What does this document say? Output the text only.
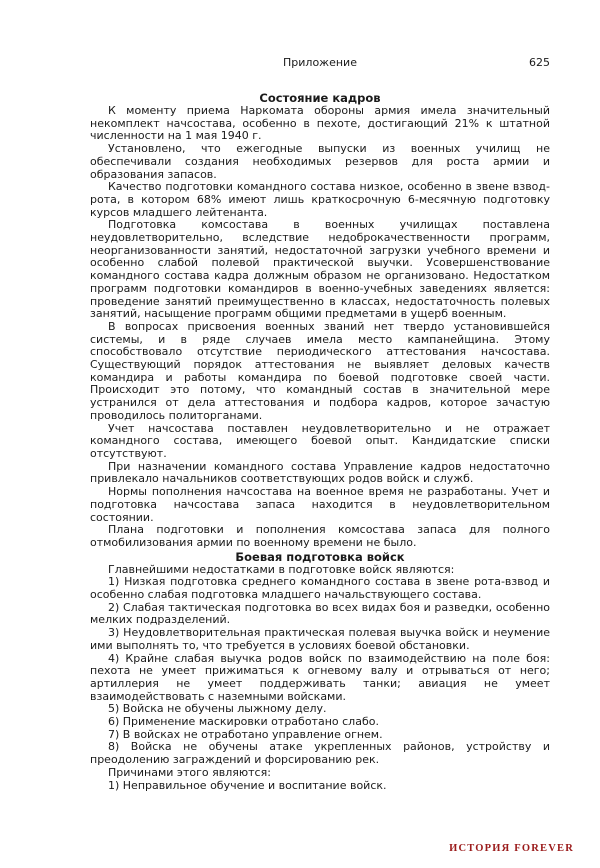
Приложение	625
Состояние кадров

К моменту приема Наркомата обороны армия имела значительный некомплект начсостава, особенно в пехоте, достигающий 21% к штатной численности на 1 мая 1940 г.

Установлено, что ежегодные выпуски из военных училищ не обеспечивали создания необходимых резервов для роста армии и образования запасов.

Качество подготовки командного состава низкое, особенно в звене взвод-рота, в котором 68% имеют лишь краткосрочную 6-месячную подготовку курсов младшего лейтенанта.

Подготовка комсостава в военных училищах поставлена неудовлетворительно, вследствие недоброкачественности программ, неорганизованности занятий, недостаточной загрузки учебного времени и особенно слабой полевой практической выучки. Усовершенствование командного состава кадра должным образом не организовано. Недостатком программ подготовки командиров в военно-учебных заведениях является: проведение занятий преимущественно в классах, недостаточность полевых занятий, насыщение программ общими предметами в ущерб военным.

В вопросах присвоения военных званий нет твердо установившейся системы, и в ряде случаев имела место кампанейщина. Этому способствовало отсутствие периодического аттестования начсостава. Существующий порядок аттестования не выявляет деловых качеств командира и работы командира по боевой подготовке своей части. Происходит это потому, что командный состав в значительной мере устранился от дела аттестования и подбора кадров, которое зачастую проводилось политорганами.

Учет начсостава поставлен неудовлетворительно и не отражает командного состава, имеющего боевой опыт. Кандидатские списки отсутствуют.

При назначении командного состава Управление кадров недостаточно привлекало начальников соответствующих родов войск и служб.

Нормы пополнения начсостава на военное время не разработаны. Учет и подготовка начсостава запаса находится в неудовлетворительном состоянии.

Плана подготовки и пополнения комсостава запаса для полного отмобилизования армии по военному времени не было.

Боевая подготовка войск

Главнейшими недостатками в подготовке войск являются:

1) Низкая подготовка среднего командного состава в звене рота-взвод и особенно слабая подготовка младшего начальствующего состава.

2) Слабая тактическая подготовка во всех видах боя и разведки, особенно мелких подразделений.

3) Неудовлетворительная практическая полевая выучка войск и неумение ими выполнять то, что требуется в условиях боевой обстановки.

4) Крайне слабая выучка родов войск по взаимодействию на поле боя: пехота не умеет прижиматься к огневому валу и отрываться от него; артиллерия не умеет поддерживать танки; авиация не умеет взаимодействовать с наземными войсками.

5) Войска не обучены лыжному делу.

6) Применение маскировки отработано слабо.

7) В войсках не отработано управление огнем.

8) Войска не обучены атаке укрепленных районов, устройству и преодолению заграждений и форсированию рек.

Причинами этого являются:

1) Неправильное обучение и воспитание войск.

ИСТОРИЯ FOREVER
